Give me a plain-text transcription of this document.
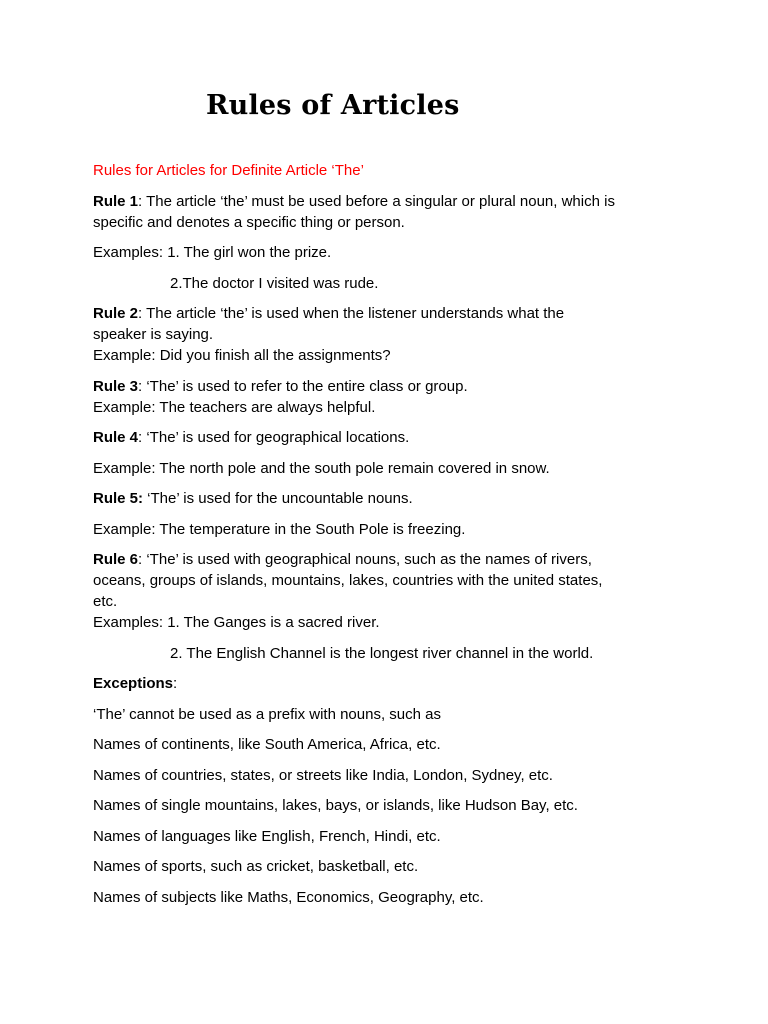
Rules of Articles

Rules for Articles for Definite Article ‘The’

Rule 1: The article ‘the’ must be used before a singular or plural noun, which is
specific and denotes a specific thing or person.

Examples: 1. The girl won the prize.

2.The doctor I visited was rude.

Rule 2: The article ‘the’ is used when the listener understands what the
speaker is saying.
Example: Did you finish all the assignments?

Rule 3: ‘The’ is used to refer to the entire class or group.
Example: The teachers are always helpful.

Rule 4: ‘The’ is used for geographical locations.

Example: The north pole and the south pole remain covered in snow.

Rule 5: ‘The’ is used for the uncountable nouns.

Example: The temperature in the South Pole is freezing.

Rule 6: ‘The’ is used with geographical nouns, such as the names of rivers,
oceans, groups of islands, mountains, lakes, countries with the united states,
etc.
Examples: 1. The Ganges is a sacred river.

2. The English Channel is the longest river channel in the world.

Exceptions:

‘The’ cannot be used as a prefix with nouns, such as

Names of continents, like South America, Africa, etc.

Names of countries, states, or streets like India, London, Sydney, etc.

Names of single mountains, lakes, bays, or islands, like Hudson Bay, etc.

Names of languages like English, French, Hindi, etc.

Names of sports, such as cricket, basketball, etc.

Names of subjects like Maths, Economics, Geography, etc.
